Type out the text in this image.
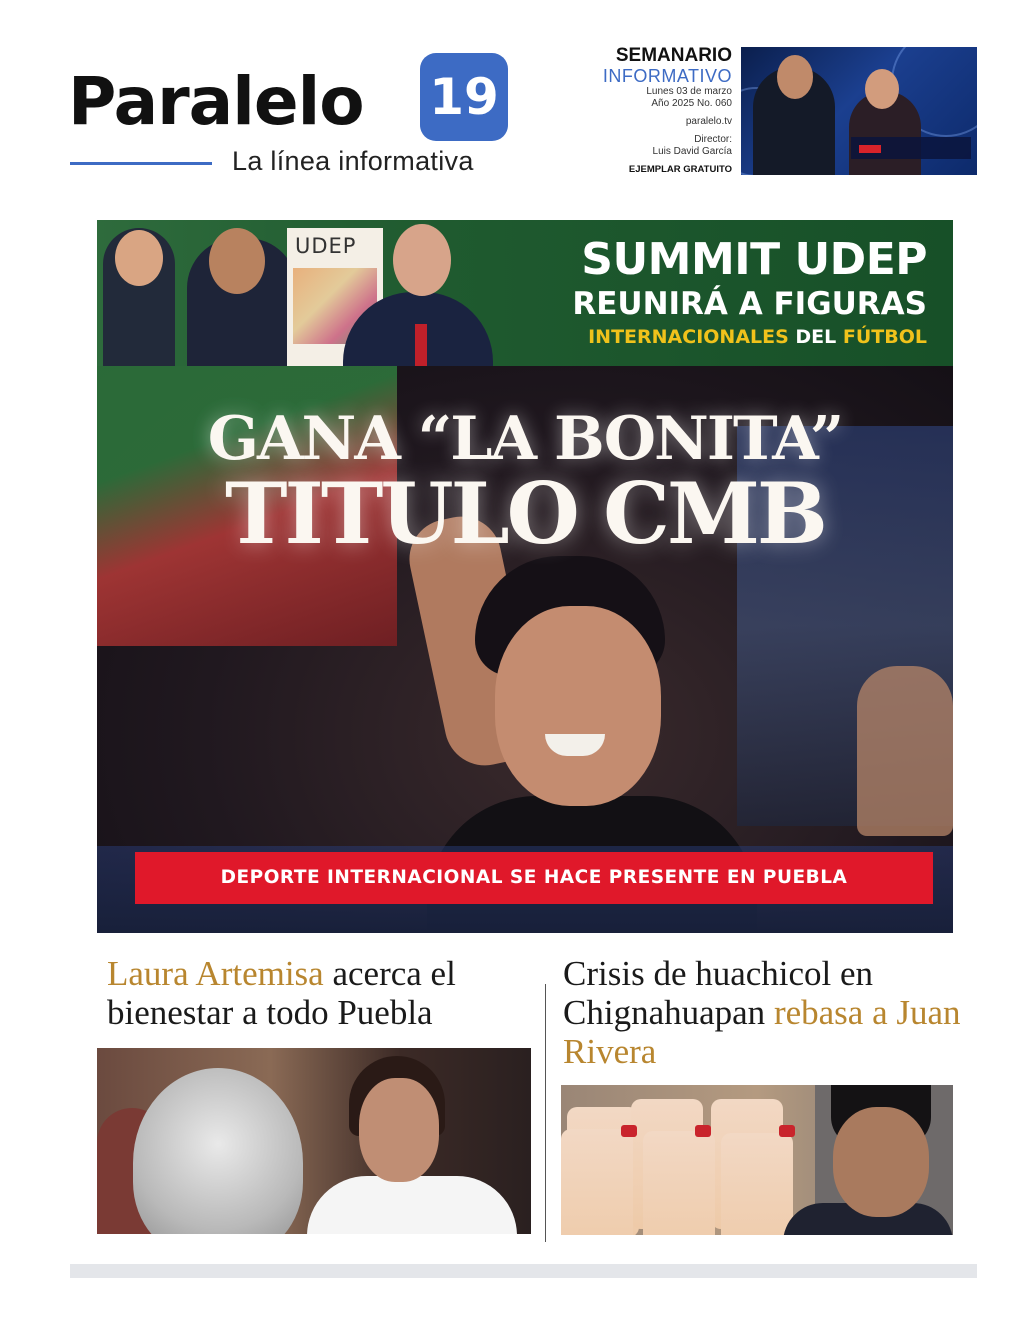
Paralelo 19
La línea informativa
SEMANARIO
INFORMATIVO
Lunes 03 de marzo
Año 2025 No. 060
paralelo.tv
Director:
Luis David García
EJEMPLAR GRATUITO
UDEP	SUMMIT UDEP
REUNIRÁ A FIGURAS
INTERNACIONALES DEL FÚTBOL
GANA “LA BONITA”
TITULO CMB
DEPORTE INTERNACIONAL SE HACE PRESENTE EN PUEBLA
Laura Artemisa acerca el bienestar a todo Puebla
Crisis de huachicol en Chignahuapan rebasa a Juan Rivera
